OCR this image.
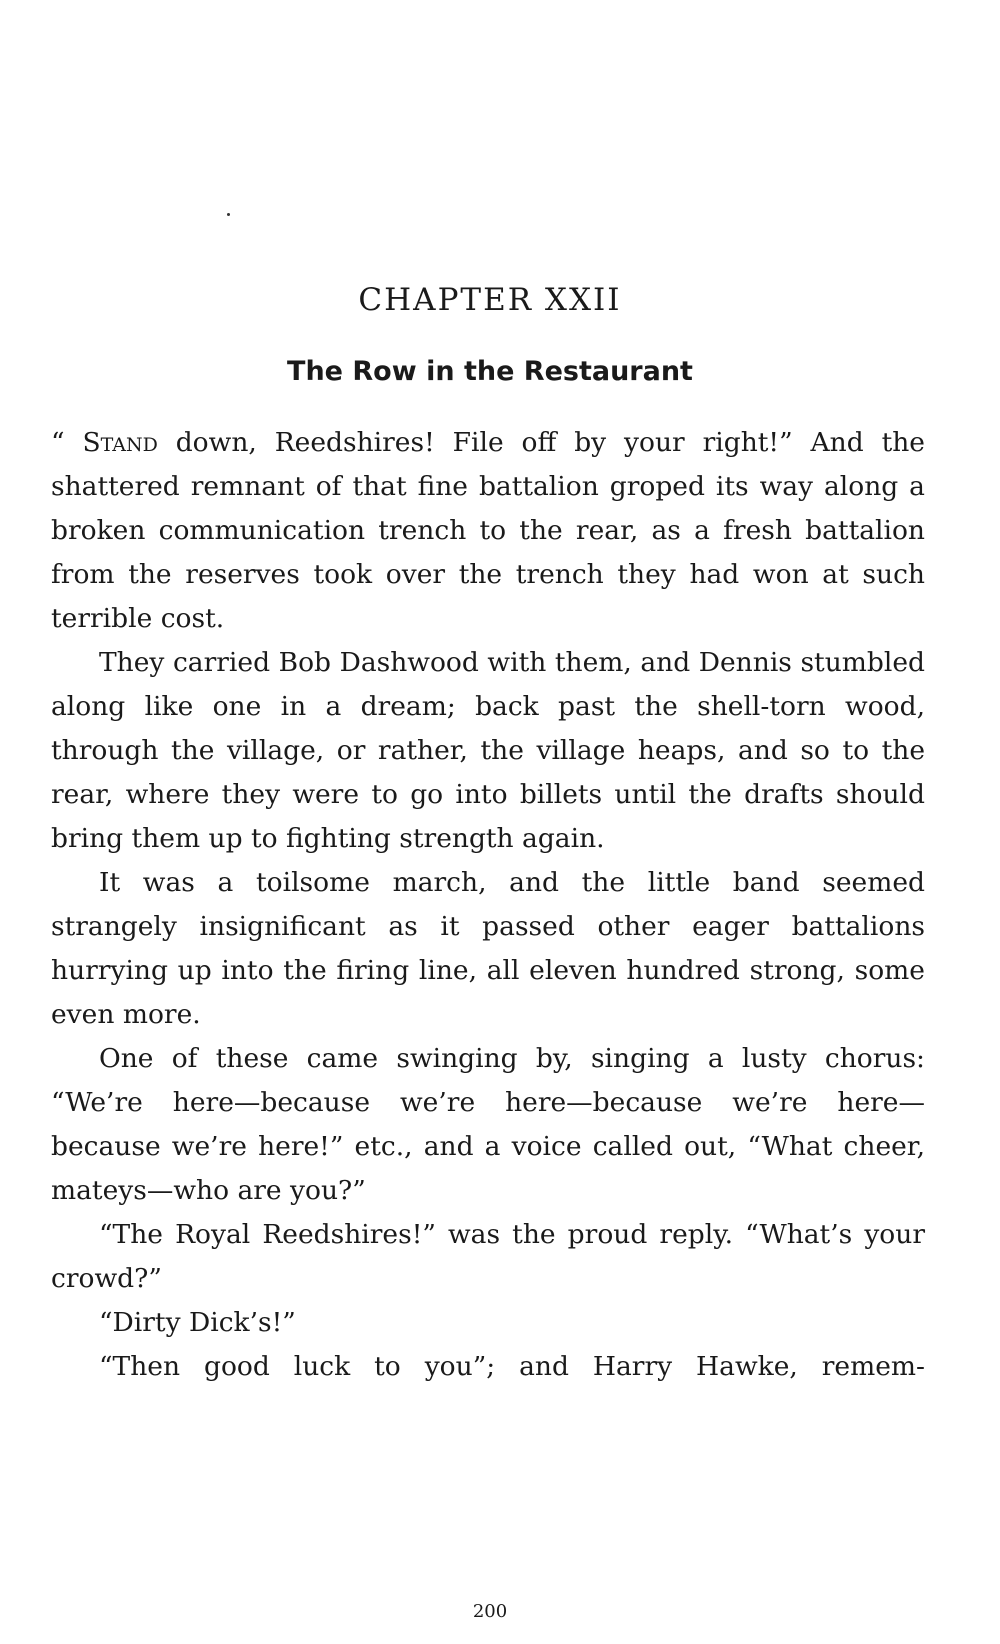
CHAPTER XXII
The Row in the Restaurant

“ Stand down, Reedshires! File off by your right!” And the shattered remnant of that fine battalion groped its way along a broken communication trench to the rear, as a fresh battalion from the reserves took over the trench they had won at such terrible cost.

They carried Bob Dashwood with them, and Dennis stumbled along like one in a dream; back past the shell-torn wood, through the village, or rather, the village heaps, and so to the rear, where they were to go into billets until the drafts should bring them up to fighting strength again.

It was a toilsome march, and the little band seemed strangely insignificant as it passed other eager battalions hurrying up into the firing line, all eleven hundred strong, some even more.

One of these came swinging by, singing a lusty chorus: “We’re here—because we’re here—because we’re here—because we’re here!” etc., and a voice called out, “What cheer, mateys—who are you?”

“The Royal Reedshires!” was the proud reply. “What’s your crowd?”

“Dirty Dick’s!”

“Then good luck to you”; and Harry Hawke, remem-

200
